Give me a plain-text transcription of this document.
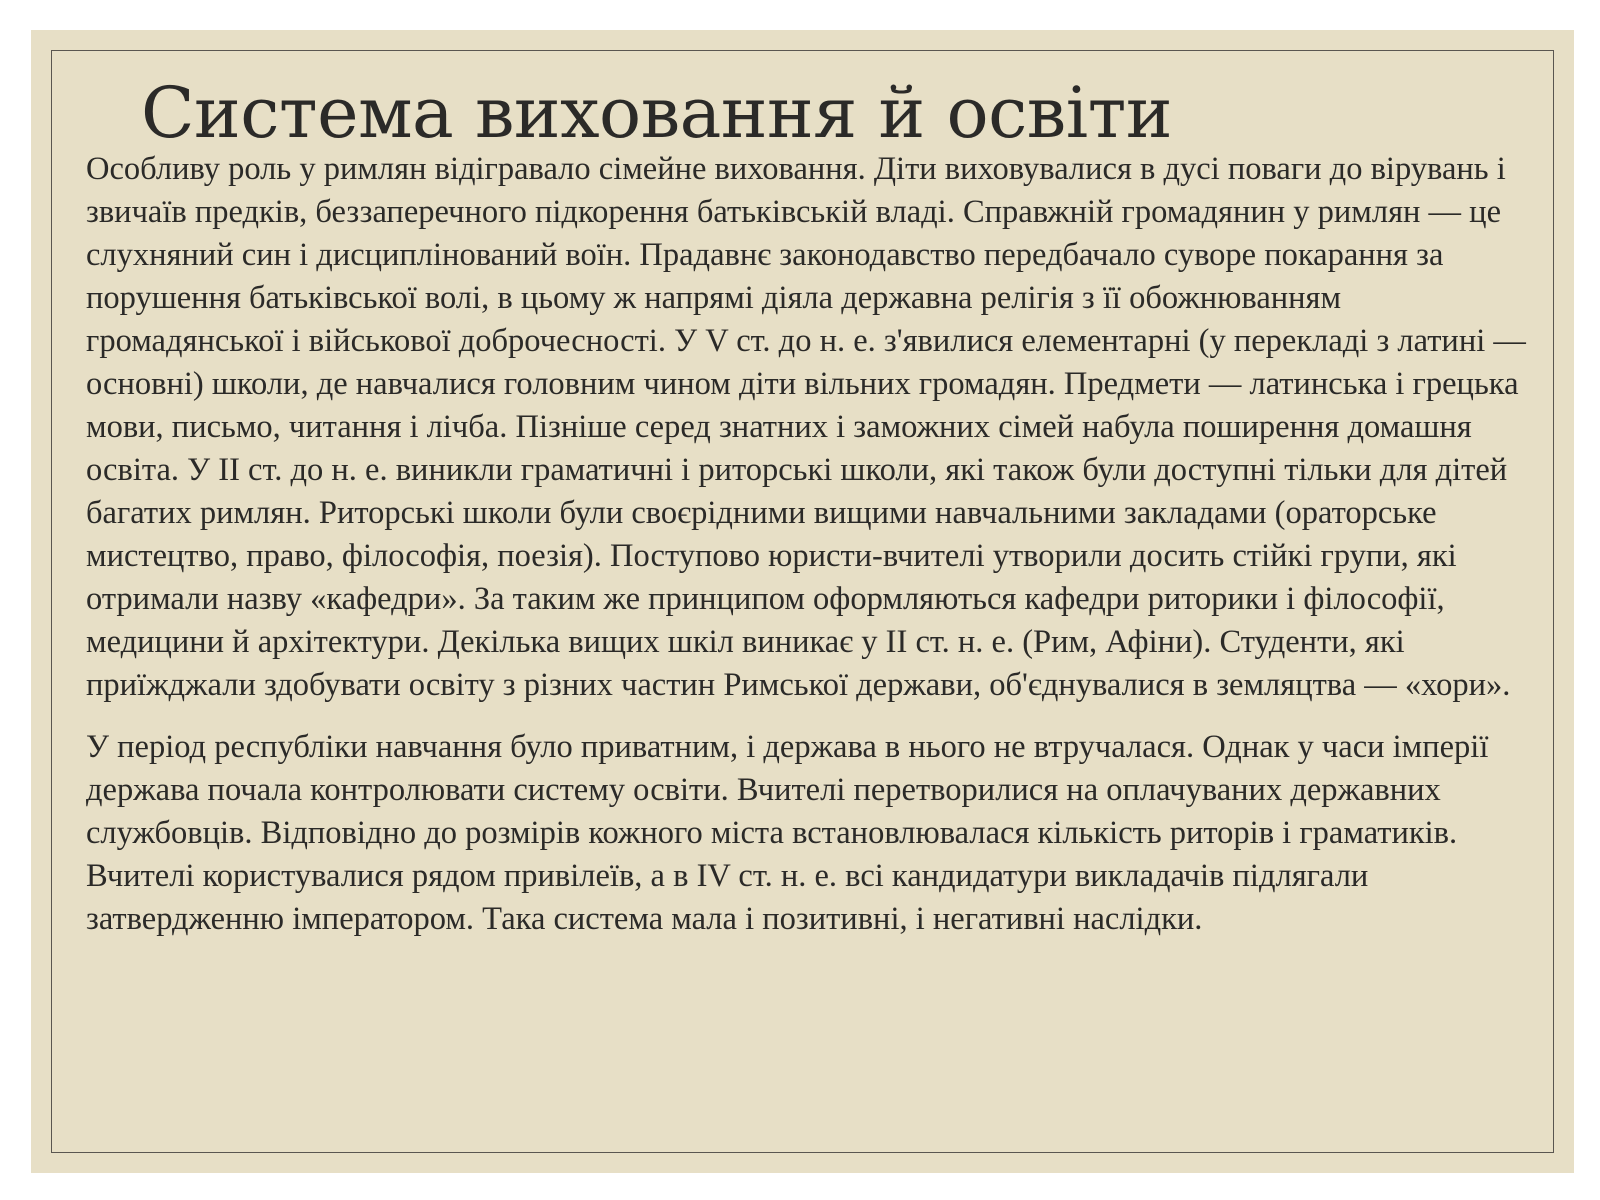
Система виховання й освіти

Особливу роль у римлян відігравало сімейне виховання. Діти виховувалися в дусі поваги до вірувань і звичаїв предків, беззаперечного підкорення батьківській владі. Справжній громадянин у римлян — це слухняний син і дисциплінований воїн. Прадавнє законодавство передбачало суворе покарання за порушення батьківської волі, в цьому ж напрямі діяла державна релігія з її обожнюванням громадянської і військової доброчесності. У V ст. до н. е. з'явилися елементарні (у перекладі з латині — основні) школи, де навчалися головним чином діти вільних громадян. Предмети — латинська і грецька мови, письмо, читання і лічба. Пізніше серед знатних і заможних сімей набула поширення домашня освіта. У II ст. до н. е. виникли граматичні і риторські школи, які також були доступні тільки для дітей багатих римлян. Риторські школи були своєрідними вищими навчальними закладами (ораторське мистецтво, право, філософія, поезія). Поступово юристи-вчителі утворили досить стійкі групи, які отримали назву «кафедри». За таким же принципом оформляються кафедри риторики і філософії, медицини й архітектури. Декілька вищих шкіл виникає у II ст. н. е. (Рим, Афіни). Студенти, які приїжджали здобувати освіту з різних частин Римської держави, об'єднувалися в земляцтва — «хори».

У період республіки навчання було приватним, і держава в нього не втручалася. Однак у часи імперії держава почала контролювати систему освіти. Вчителі перетворилися на оплачуваних державних службовців. Відповідно до розмірів кожного міста встановлювалася кількість риторів і граматиків. Вчителі користувалися рядом привілеїв, а в IV ст. н. е. всі кандидатури викладачів підлягали затвердженню імператором. Така система мала і позитивні, і негативні наслідки.
